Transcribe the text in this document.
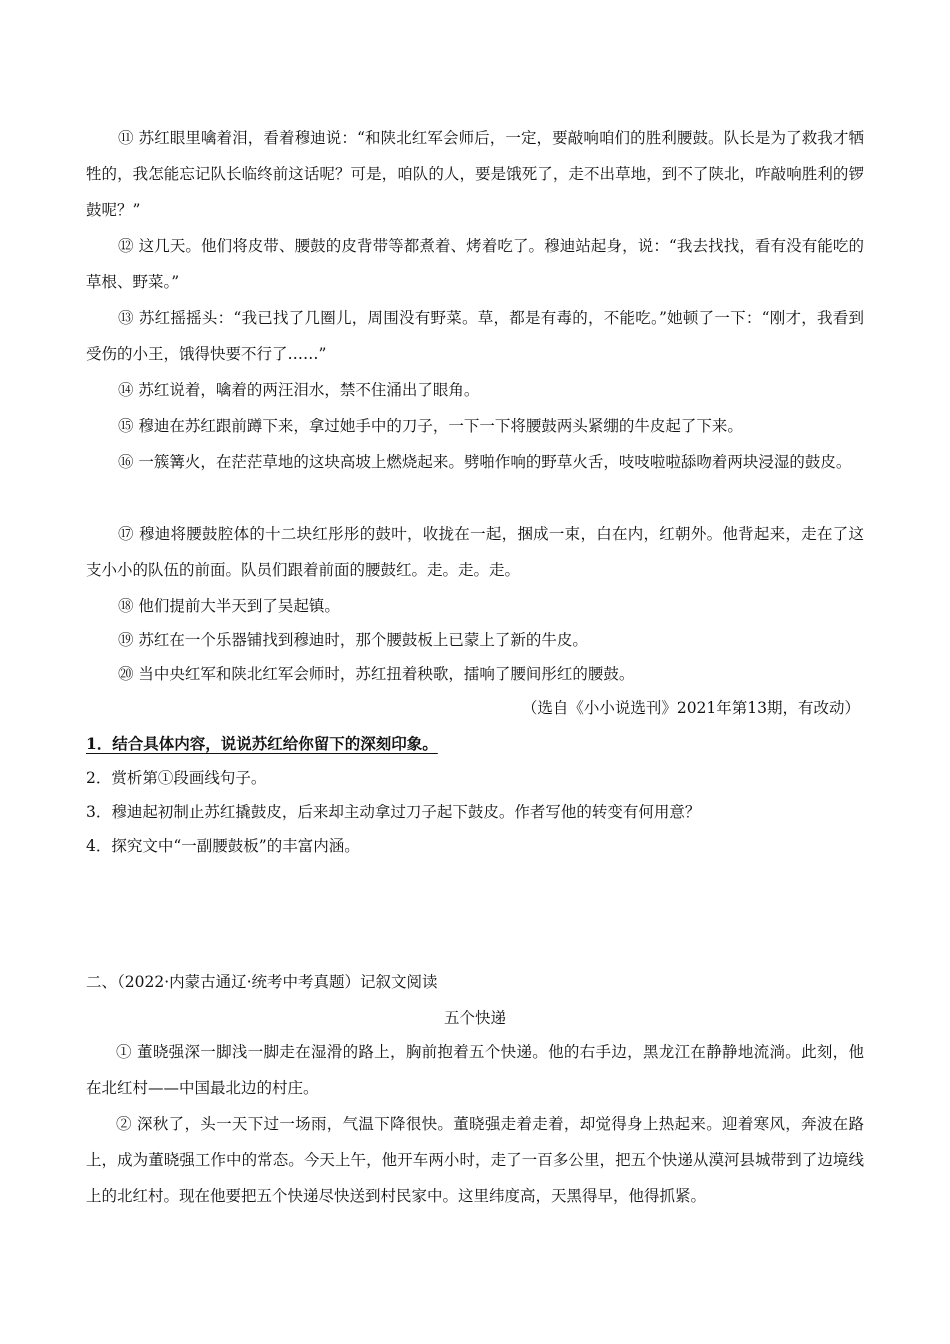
⑪ 苏红眼里噙着泪，看着穆迪说：“和陕北红军会师后，一定，要敲响咱们的胜利腰鼓。队长是为了救我才牺牲的，我怎能忘记队长临终前这话呢？可是，咱队的人，要是饿死了，走不出草地，到不了陕北，咋敲响胜利的锣鼓呢？”

⑫ 这几天。他们将皮带、腰鼓的皮背带等都煮着、烤着吃了。穆迪站起身，说：“我去找找，看有没有能吃的草根、野菜。”

⑬ 苏红摇摇头：“我已找了几圈儿，周围没有野菜。草，都是有毒的，不能吃。”她顿了一下：“刚才，我看到受伤的小王，饿得快要不行了……”

⑭ 苏红说着，噙着的两汪泪水，禁不住涌出了眼角。

⑮ 穆迪在苏红跟前蹲下来，拿过她手中的刀子，一下一下将腰鼓两头紧绷的牛皮起了下来。

⑯ 一簇篝火，在茫茫草地的这块高坡上燃烧起来。劈啪作响的野草火舌，吱吱啦啦舔吻着两块浸湿的鼓皮。

⑰ 穆迪将腰鼓腔体的十二块红彤彤的鼓叶，收拢在一起，捆成一束，白在内，红朝外。他背起来，走在了这支小小的队伍的前面。队员们跟着前面的腰鼓红。走。走。走。

⑱ 他们提前大半天到了吴起镇。

⑲ 苏红在一个乐器铺找到穆迪时，那个腰鼓板上已蒙上了新的牛皮。

⑳ 当中央红军和陕北红军会师时，苏红扭着秧歌，擂响了腰间彤红的腰鼓。

（选自《小小说选刊》2021年第13期，有改动）

1．结合具体内容，说说苏红给你留下的深刻印象。

2．赏析第①段画线句子。

3．穆迪起初制止苏红撬鼓皮，后来却主动拿过刀子起下鼓皮。作者写他的转变有何用意？

4．探究文中“一副腰鼓板”的丰富内涵。

二、（2022·内蒙古通辽·统考中考真题）记叙文阅读
五个快递

① 董晓强深一脚浅一脚走在湿滑的路上，胸前抱着五个快递。他的右手边，黑龙江在静静地流淌。此刻，他在北红村——中国最北边的村庄。

② 深秋了，头一天下过一场雨，气温下降很快。董晓强走着走着，却觉得身上热起来。迎着寒风，奔波在路上，成为董晓强工作中的常态。今天上午，他开车两小时，走了一百多公里，把五个快递从漠河县城带到了边境线上的北红村。现在他要把五个快递尽快送到村民家中。这里纬度高，天黑得早，他得抓紧。
